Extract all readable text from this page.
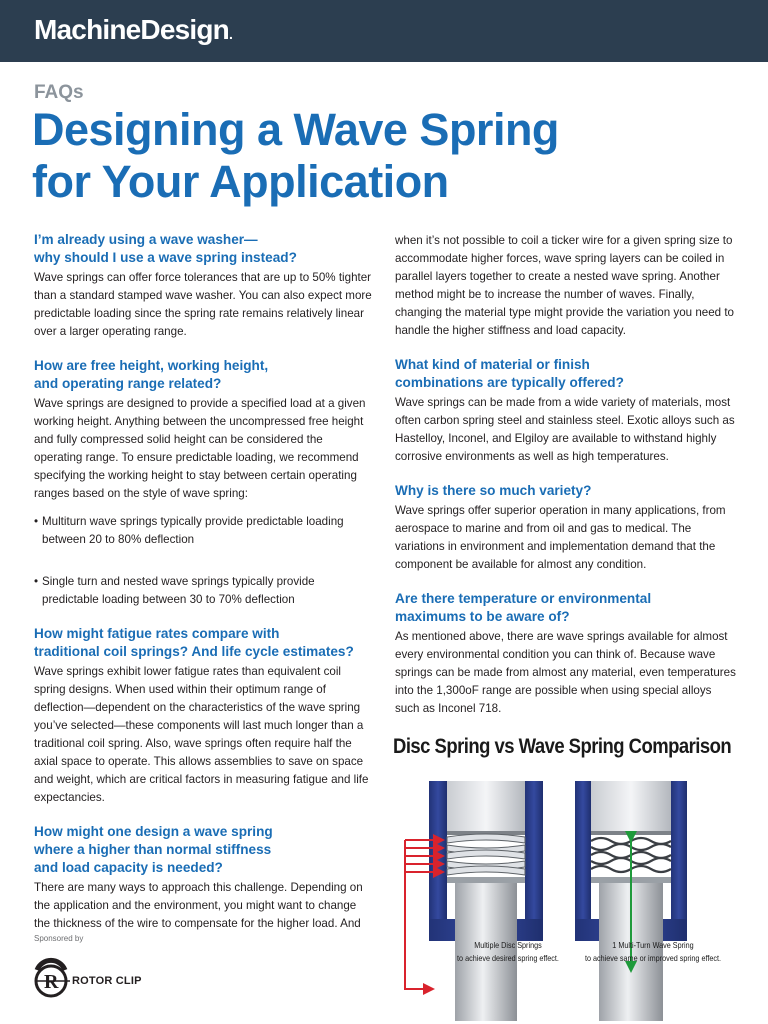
MachineDesign.
FAQs
Designing a Wave Spring
for Your Application
I’m already using a wave washer—
why should I use a wave spring instead?
Wave springs can offer force tolerances that are up to 50% tighter than a standard stamped wave washer. You can also expect more predictable loading since the spring rate remains relatively linear over a larger operating range.
How are free height, working height,
and operating range related?
Wave springs are designed to provide a specified load at a given working height. Anything between the uncompressed free height and fully compressed solid height can be considered the operating range. To ensure predictable loading, we recommend specifying the working height to stay between certain operating ranges based on the style of wave spring:
• Multiturn wave springs typically provide predictable loading between 20 to 80% deflection
• Single turn and nested wave springs typically provide predictable loading between 30 to 70% deflection
How might fatigue rates compare with
traditional coil springs? And life cycle estimates?
Wave springs exhibit lower fatigue rates than equivalent coil spring designs. When used within their optimum range of deflection—dependent on the characteristics of the wave spring you’ve selected—these components will last much longer than a traditional coil spring. Also, wave springs often require half the axial space to operate. This allows assemblies to save on space and weight, which are critical factors in measuring fatigue and life expectancies.
How might one design a wave spring
where a higher than normal stiffness
and load capacity is needed?
There are many ways to approach this challenge. Depending on the application and the environment, you might want to change the thickness of the wire to compensate for the higher load. And
when it’s not possible to coil a ticker wire for a given spring size to accommodate higher forces, wave spring layers can be coiled in parallel layers together to create a nested wave spring. Another method might be to increase the number of waves. Finally, changing the material type might provide the variation you need to handle the higher stiffness and load capacity.
What kind of material or finish
combinations are typically offered?
Wave springs can be made from a wide variety of materials, most often carbon spring steel and stainless steel. Exotic alloys such as Hastelloy, Inconel, and Elgiloy are available to withstand highly corrosive environments as well as high temperatures.
Why is there so much variety?
Wave springs offer superior operation in many applications, from aerospace to marine and from oil and gas to medical. The variations in environment and implementation demand that the component be available for almost any condition.
Are there temperature or environmental
maximums to be aware of?
As mentioned above, there are wave springs available for almost every environmental condition you can think of. Because wave springs can be made from almost any material, even temperatures into the 1,300oF range are possible when using special alloys such as Inconel 718.
Disc Spring vs Wave Spring Comparison
Multiple Disc Springs
to achieve desired spring effect.
1 Multi-Turn Wave Spring
to achieve same or improved spring effect.
Sponsored by
R ROTOR CLIP
